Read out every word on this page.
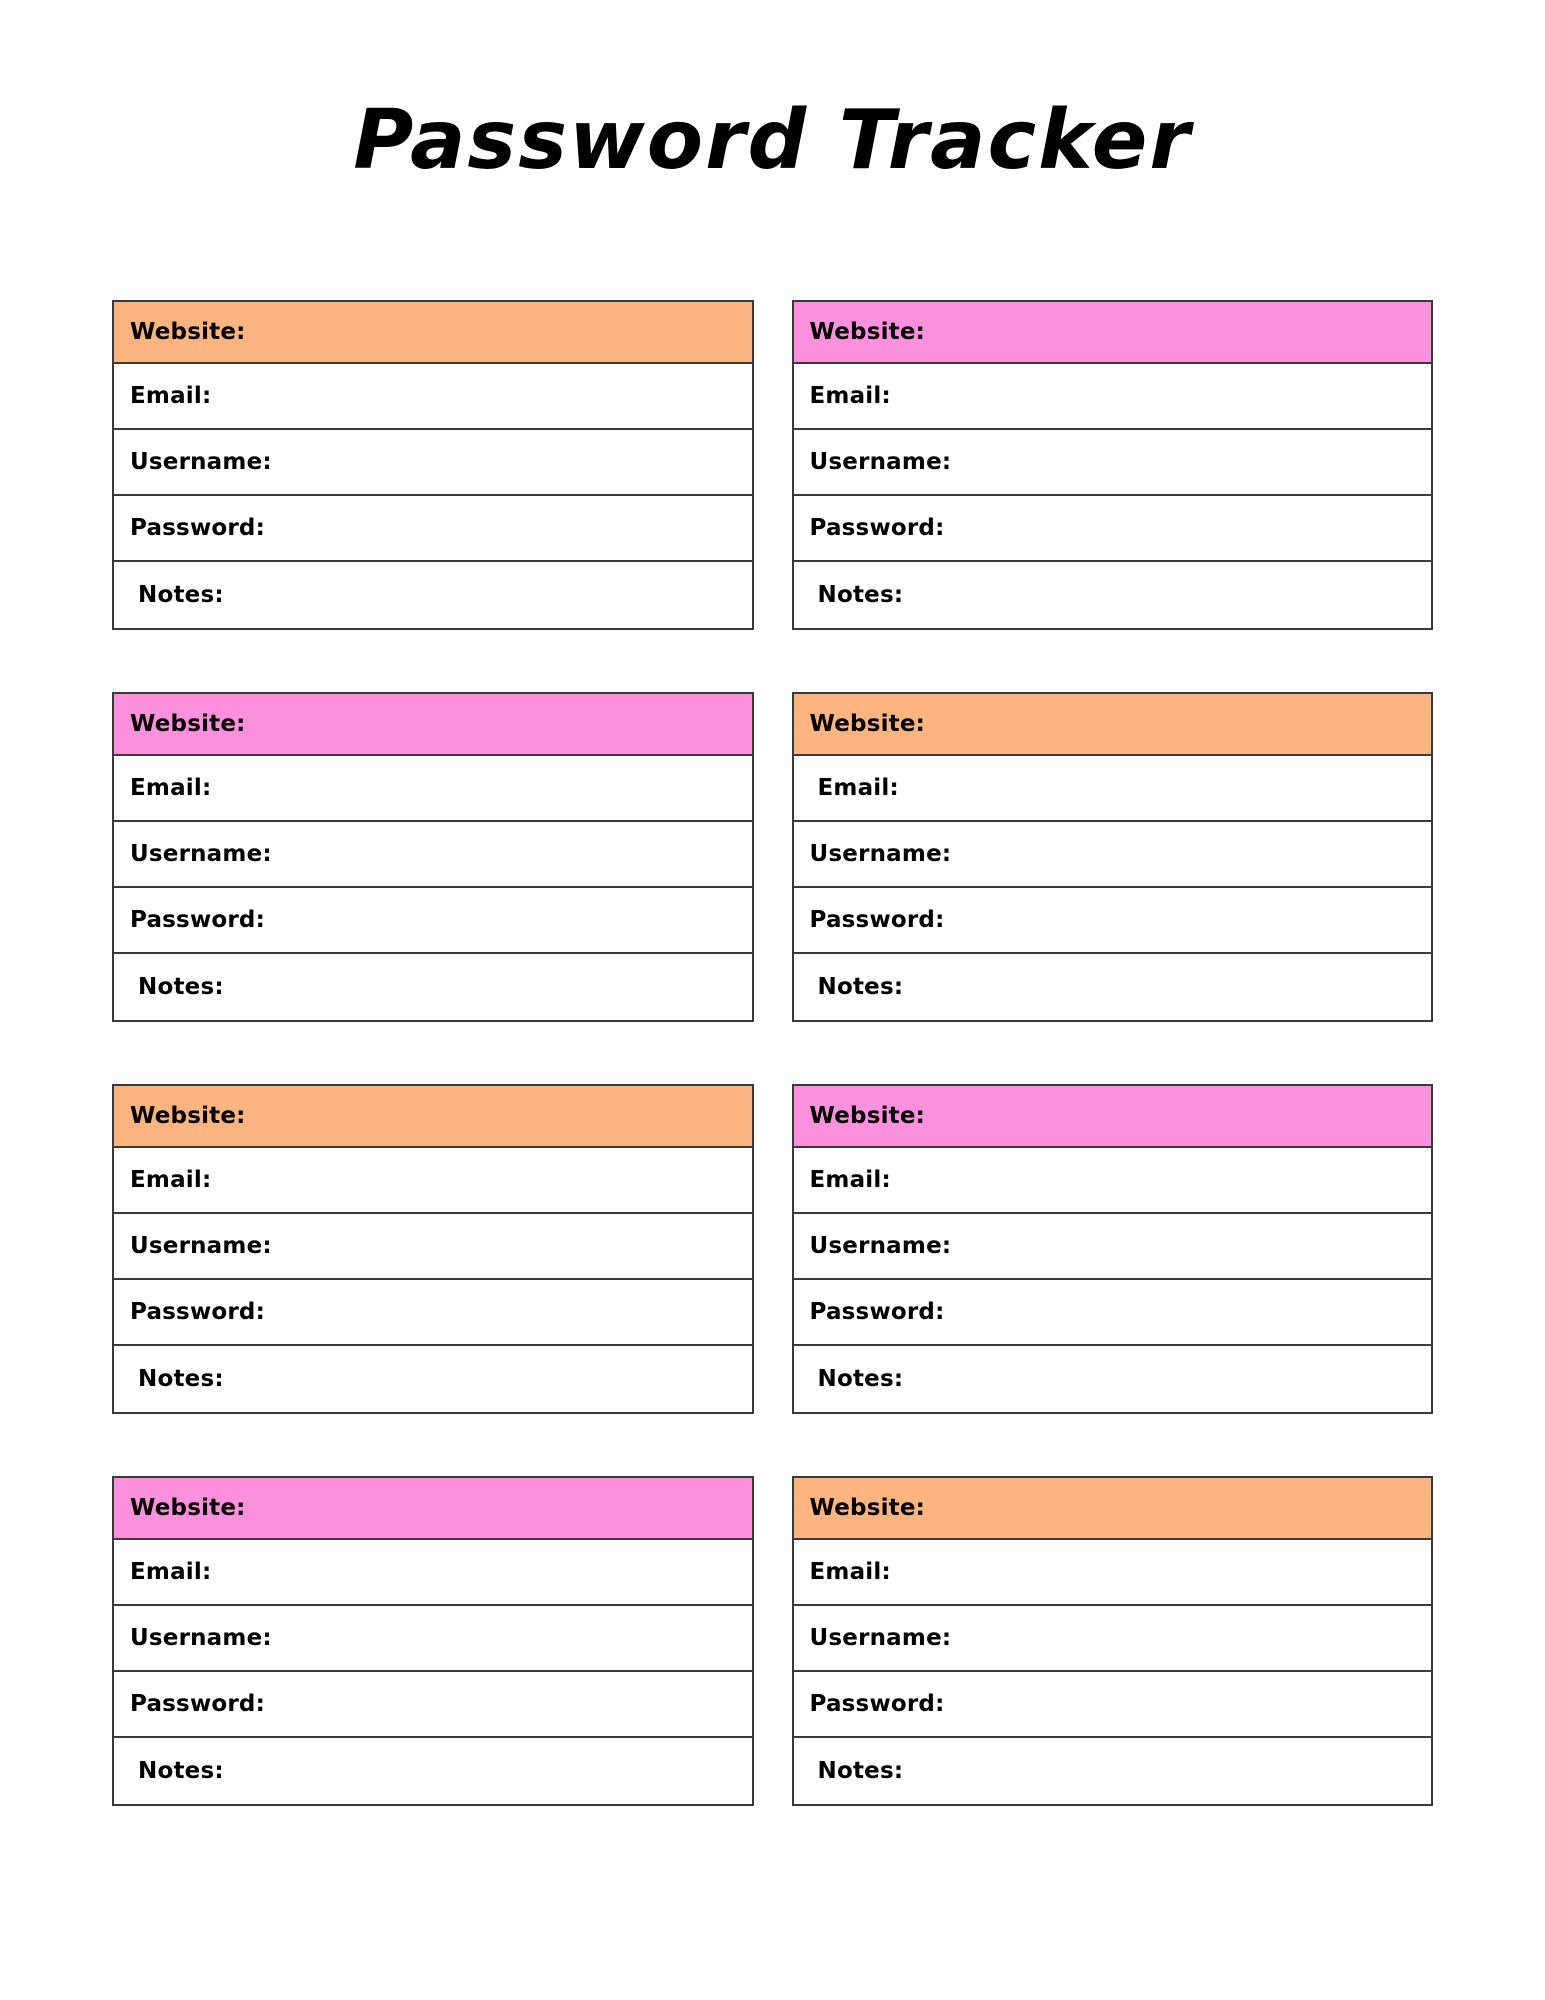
Password Tracker
Website:
Email:
Username:
Password:
Notes:
Website:
Email:
Username:
Password:
Notes:
Website:
Email:
Username:
Password:
Notes:
Website:
Email:
Username:
Password:
Notes:
Website:
Email:
Username:
Password:
Notes:
Website:
Email:
Username:
Password:
Notes:
Website:
Email:
Username:
Password:
Notes:
Website:
Email:
Username:
Password:
Notes:
